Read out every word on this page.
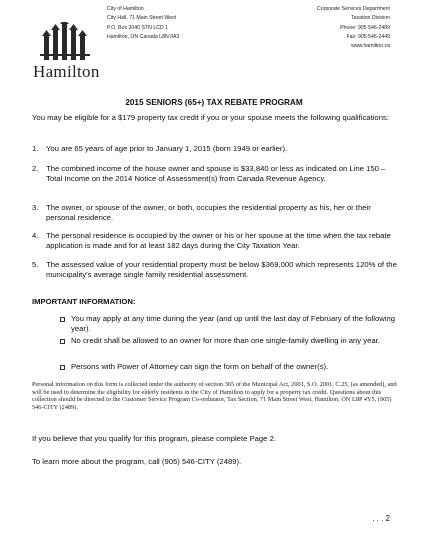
Hamilton
City of Hamilton
City Hall, 71 Main Street West
P.O. Box 2040 STN LCD 1
Hamilton, ON Canada L8N 0A3
Corporate Services Department
Taxation Division
Phone: 905 546-2489
Fax: 905 546-2449
www.hamilton.ca
2015 SENIORS (65+) TAX REBATE PROGRAM
You may be eligible for a $179 property tax credit if you or your spouse meets the following qualifications:
1. You are 65 years of age prior to January 1, 2015 (born 1949 or earlier).
2. The combined income of the house owner and spouse is $33,840 or less as indicated on Line 150 – Total Income on the 2014 Notice of Assessment(s) from Canada Revenue Agency.
3. The owner, or spouse of the owner, or both, occupies the residential property as his, her or their personal residence.
4. The personal residence is occupied by the owner or his or her spouse at the time when the tax rebate application is made and for at least 182 days during the City Taxation Year.
5. The assessed value of your residential property must be below $369,000 which represents 120% of the municipality's average single family residential assessment.
IMPORTANT INFORMATION:
You may apply at any time during the year (and up until the last day of February of the following year).
No credit shall be allowed to an owner for more than one single-family dwelling in any year.
Persons with Power of Attorney can sign the form on behalf of the owner(s).
Personal information on this form is collected under the authority of section 365 of the Municipal Act, 2001, S.O. 2001, C.25, (as amended), and will be used to determine the eligibility for elderly residents in the City of Hamilton to apply for a property tax credit. Questions about this collection should be directed to the Customer Service Program Co-ordinator, Tax Section, 71 Main Street West, Hamilton, ON L8P 4Y5, (905) 546-CITY (2489).
If you believe that you qualify for this program, please complete Page 2.
To learn more about the program, call (905) 546-CITY (2489).
. . . 2
